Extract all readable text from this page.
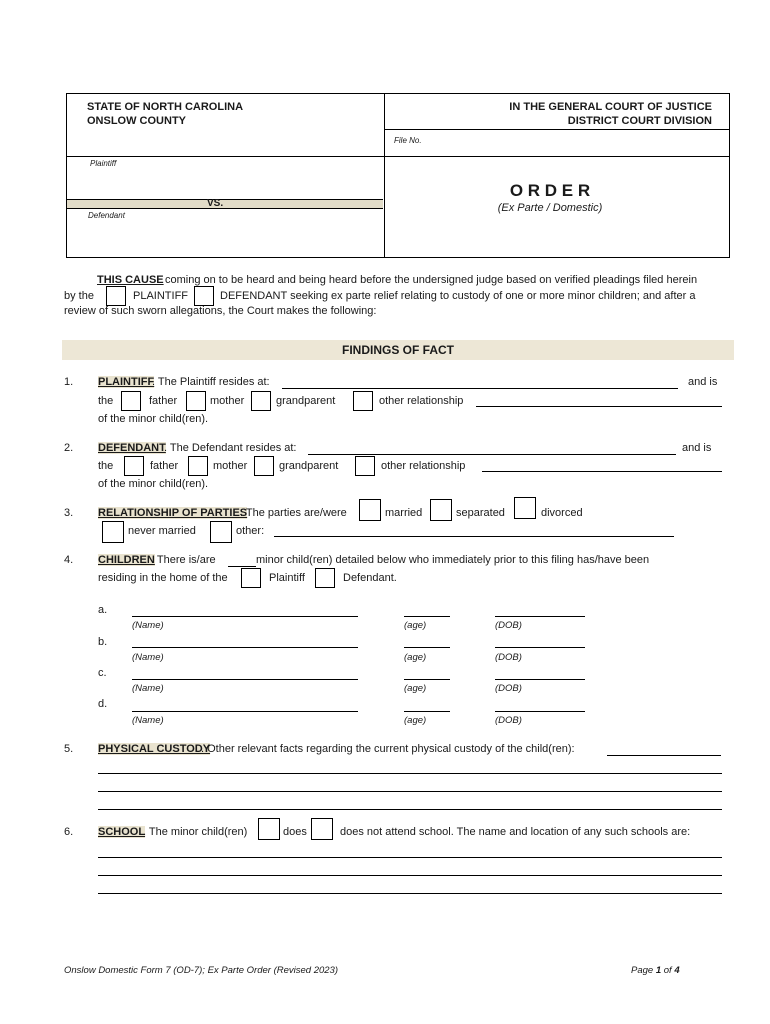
STATE OF NORTH CAROLINA
ONSLOW COUNTY
IN THE GENERAL COURT OF JUSTICE
DISTRICT COURT DIVISION
File No.
Plaintiff
VS.
Defendant
O R D E R
(Ex Parte / Domestic)
THIS CAUSE coming on to be heard and being heard before the undersigned judge based on verified pleadings filed herein
by the	PLAINTIFF	DEFENDANT seeking ex parte relief relating to custody of one or more minor children; and after a
review of such sworn allegations, the Court makes the following:
FINDINGS OF FACT
1. PLAINTIFF
. The Plaintiff resides at:	and is
the	father	mother	grandparent	other relationship
of the minor child(ren).
2. DEFENDANT
. The Defendant resides at:	and is
the	father	mother	grandparent	other relationship
of the minor child(ren).
3. RELATIONSHIP OF PARTIES
. The parties are/were	married	separated	divorced
never married	other:
4. CHILDREN
. There is/are	minor child(ren) detailed below who immediately prior to this filing has/have been
residing in the home of the	Plaintiff	Defendant.
a.
(Name)	(age)	(DOB)
b.
(Name)	(age)	(DOB)
c.
(Name)	(age)	(DOB)
d.
(Name)	(age)	(DOB)
5. PHYSICAL CUSTODY
. Other relevant facts regarding the current physical custody of the child(ren):
6. SCHOOL
. The minor child(ren)	does	does not attend school. The name and location of any such schools are:
Onslow Domestic Form 7 (OD-7); Ex Parte Order (Revised 2023)	Page 1 of 4
